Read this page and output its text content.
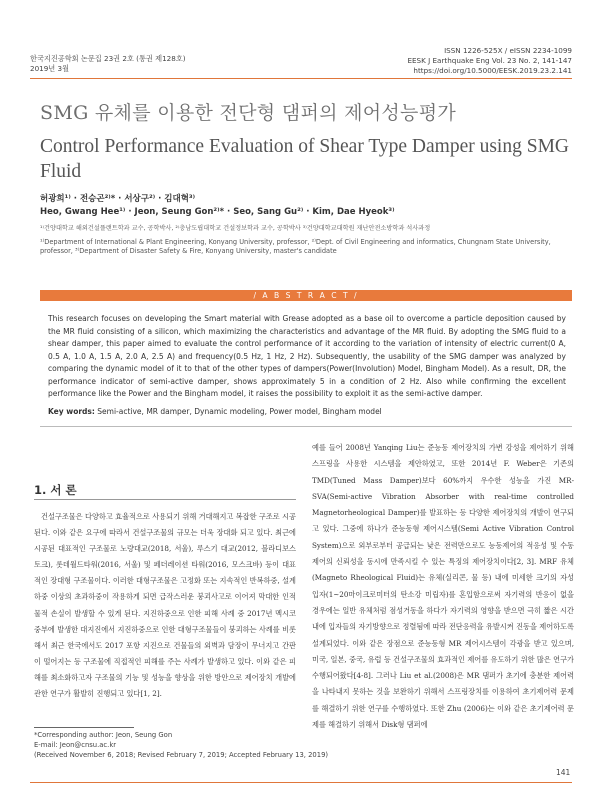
한국지진공학회 논문집 23권 2호 (통권 제128호)
2019년 3월
ISSN 1226-525X / eISSN 2234-1099
EESK J Earthquake Eng Vol. 23 No. 2, 141-147
https://doi.org/10.5000/EESK.2019.23.2.141
SMG 유체를 이용한 전단형 댐퍼의 제어성능평가
Control Performance Evaluation of Shear Type Damper using SMG Fluid
허광희¹⁾ · 전승곤²⁾* · 서상구²⁾ · 김대혁³⁾
Heo, Gwang Hee¹⁾ · Jeon, Seung Gon²⁾* · Seo, Sang Gu²⁾ · Kim, Dae Hyeok³⁾
¹⁾건양대학교 해외건설플랜트학과 교수, 공학박사, ²⁾충남도립대학교 건설정보학과 교수, 공학박사 ³⁾건양대학교대학원 재난안전소방학과 석사과정
¹⁾Department of International & Plant Engineering, Konyang University, professor, ²⁾Dept. of Civil Engineering and informatics, Chungnam State University, professor, ³⁾Department of Disaster Safety & Fire, Konyang University, master's candidate
/ A B S T R A C T /
This research focuses on developing the Smart material with Grease adopted as a base oil to overcome a particle deposition caused by the MR fluid consisting of a silicon, which maximizing the characteristics and advantage of the MR fluid. By adopting the SMG fluid to a shear damper, this paper aimed to evaluate the control performance of it according to the variation of intensity of electric current(0 A, 0.5 A, 1.0 A, 1.5 A, 2.0 A, 2.5 A) and frequency(0.5 Hz, 1 Hz, 2 Hz). Subsequently, the usability of the SMG damper was analyzed by comparing the dynamic model of it to that of the other types of dampers(Power(Involution) Model, Bingham Model). As a result, DR, the performance indicator of semi-active damper, shows approximately 5 in a condition of 2 Hz. Also while confirming the excellent performance like the Power and the Bingham model, it raises the possibility to exploit it as the semi-active damper.
Key words: Semi-active, MR damper, Dynamic modeling, Power model, Bingham model
1. 서 론
건설구조물은 다양하고 효율적으로 사용되기 위해 거대해지고 복잡한 구조로 시공된다. 이와 같은 요구에 따라서 건설구조물의 규모는 더욱 장대화 되고 있다. 최근에 시공된 대표적인 구조물로 노량대교(2018, 서울), 루스기 대교(2012, 블라디보스토크), 롯데월드타워(2016, 서울) 및 페더레이션 타워(2016, 모스크바) 등이 대표적인 장대형 구조물이다. 이러한 대형구조물은 고정화 또는 지속적인 반복하중, 설계하중 이상의 초과하중이 작용하게 되면 급작스러운 붕괴사고로 이어져 막대한 인적 물적 손실이 발생할 수 있게 된다. 지진하중으로 인한 피해 사례 중 2017년 멕시코 중부에 발생한 대지진에서 지진하중으로 인한 대형구조물들이 붕괴하는 사례를 비롯해서 최근 한국에서도 2017 포항 지진으로 건물들의 외벽과 담장이 무너지고 간판이 떨어지는 등 구조물에 직접적인 피해를 주는 사례가 발생하고 있다. 이와 같은 피해를 최소화하고자 구조물의 기능 및 성능을 향상을 위한 방안으로 제어장치 개발에 관한 연구가 활발히 진행되고 있다[1, 2].
예를 들어 2008년 Yanqing Liu는 준능동 제어장치의 가변 강성을 제어하기 위해 스프링을 사용한 시스템을 제안하였고, 또한 2014년 F. Weber은 기존의 TMD(Tuned Mass Damper)보다 60%까지 우수한 성능을 가진 MR-SVA(Semi-active Vibration Absorber with real-time controlled Magnetorheological Damper)를 발표하는 등 다양한 제어장치의 개발이 연구되고 있다. 그중에 하나가 준능동형 제어시스템(Semi Active Vibration Control System)으로 외부로부터 공급되는 낮은 전력만으로도 능동제어의 적응성 및 수동제어의 신뢰성을 동시에 만족시킬 수 있는 특징의 제어장치이다[2, 3]. MRF 유체(Magneto Rheological Fluid)는 유체(실리콘, 물 등) 내에 미세한 크기의 자성 입자(1~20마이크로미터의 탄소강 미립자)를 혼입함으로써 자기력의 반응이 없을 경우에는 일반 유체처럼 점성거동을 하다가 자기력의 영향을 받으면 극히 짧은 시간 내에 입자들의 자기방향으로 정렬됨에 따라 전단응력을 유발시켜 진동을 제어하도록 설계되었다. 이와 같은 장점으로 준능동형 MR 제어시스템이 각광을 받고 있으며, 미국, 일본, 중국, 유럽 등 건설구조물의 효과적인 제어를 유도하기 위한 많은 연구가 수행되어왔다[4-8]. 그러나 Liu et al.(2008)은 MR 댐퍼가 초기에 충분한 제어력을 나타내지 못하는 것을 보완하기 위해서 스프링장치를 이용하여 초기제어력 문제를 해결하기 위한 연구를 수행하였다. 또한 Zhu (2006)는 이와 같은 초기제어력 문제를 해결하기 위해서 Disk형 댐퍼에
*Corresponding author: Jeon, Seung Gon
E-mail: Jeon@cnsu.ac.kr
(Received November 6, 2018; Revised February 7, 2019; Accepted February 13, 2019)
141
